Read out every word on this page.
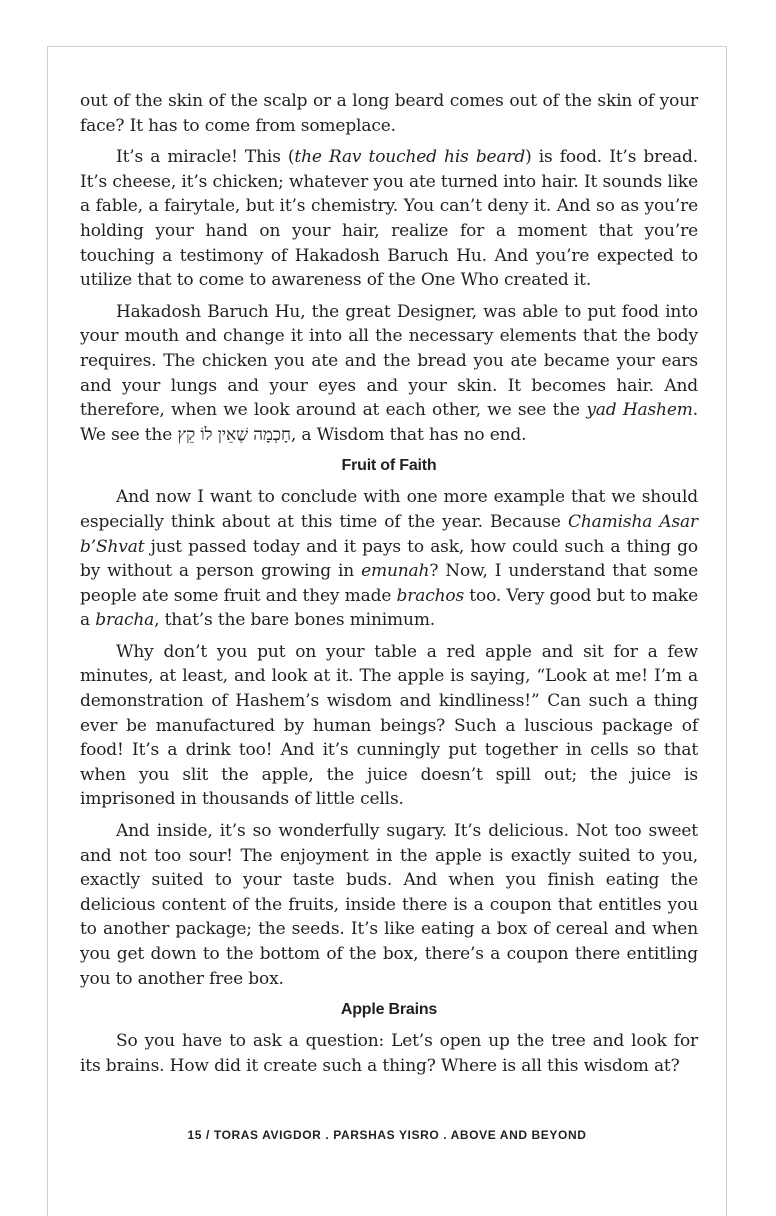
out of the skin of the scalp or a long beard comes out of the skin of your face? It has to come from someplace.

It’s a miracle! This (the Rav touched his beard) is food. It’s bread. It’s cheese, it’s chicken; whatever you ate turned into hair. It sounds like a fable, a fairytale, but it’s chemistry. You can’t deny it. And so as you’re holding your hand on your hair, realize for a moment that you’re touching a testimony of Hakadosh Baruch Hu. And you’re expected to utilize that to come to awareness of the One Who created it.

Hakadosh Baruch Hu, the great Designer, was able to put food into your mouth and change it into all the necessary elements that the body requires. The chicken you ate and the bread you ate became your ears and your lungs and your eyes and your skin. It becomes hair. And therefore, when we look around at each other, we see the yad Hashem. We see the חָכְמָה שֶׁאֵין לוֹ קֵץ, a Wisdom that has no end.

Fruit of Faith

And now I want to conclude with one more example that we should especially think about at this time of the year. Because Chamisha Asar b’Shvat just passed today and it pays to ask, how could such a thing go by without a person growing in emunah? Now, I understand that some people ate some fruit and they made brachos too. Very good but to make a bracha, that’s the bare bones minimum.

Why don’t you put on your table a red apple and sit for a few minutes, at least, and look at it. The apple is saying, “Look at me! I’m a demonstration of Hashem’s wisdom and kindliness!” Can such a thing ever be manufactured by human beings? Such a luscious package of food! It’s a drink too! And it’s cunningly put together in cells so that when you slit the apple, the juice doesn’t spill out; the juice is imprisoned in thousands of little cells.

And inside, it’s so wonderfully sugary. It’s delicious. Not too sweet and not too sour! The enjoyment in the apple is exactly suited to you, exactly suited to your taste buds. And when you finish eating the delicious content of the fruits, inside there is a coupon that entitles you to another package; the seeds. It’s like eating a box of cereal and when you get down to the bottom of the box, there’s a coupon there entitling you to another free box.

Apple Brains

So you have to ask a question: Let’s open up the tree and look for its brains. How did it create such a thing? Where is all this wisdom at?

15 / TORAS AVIGDOR . PARSHAS YISRO . ABOVE AND BEYOND
